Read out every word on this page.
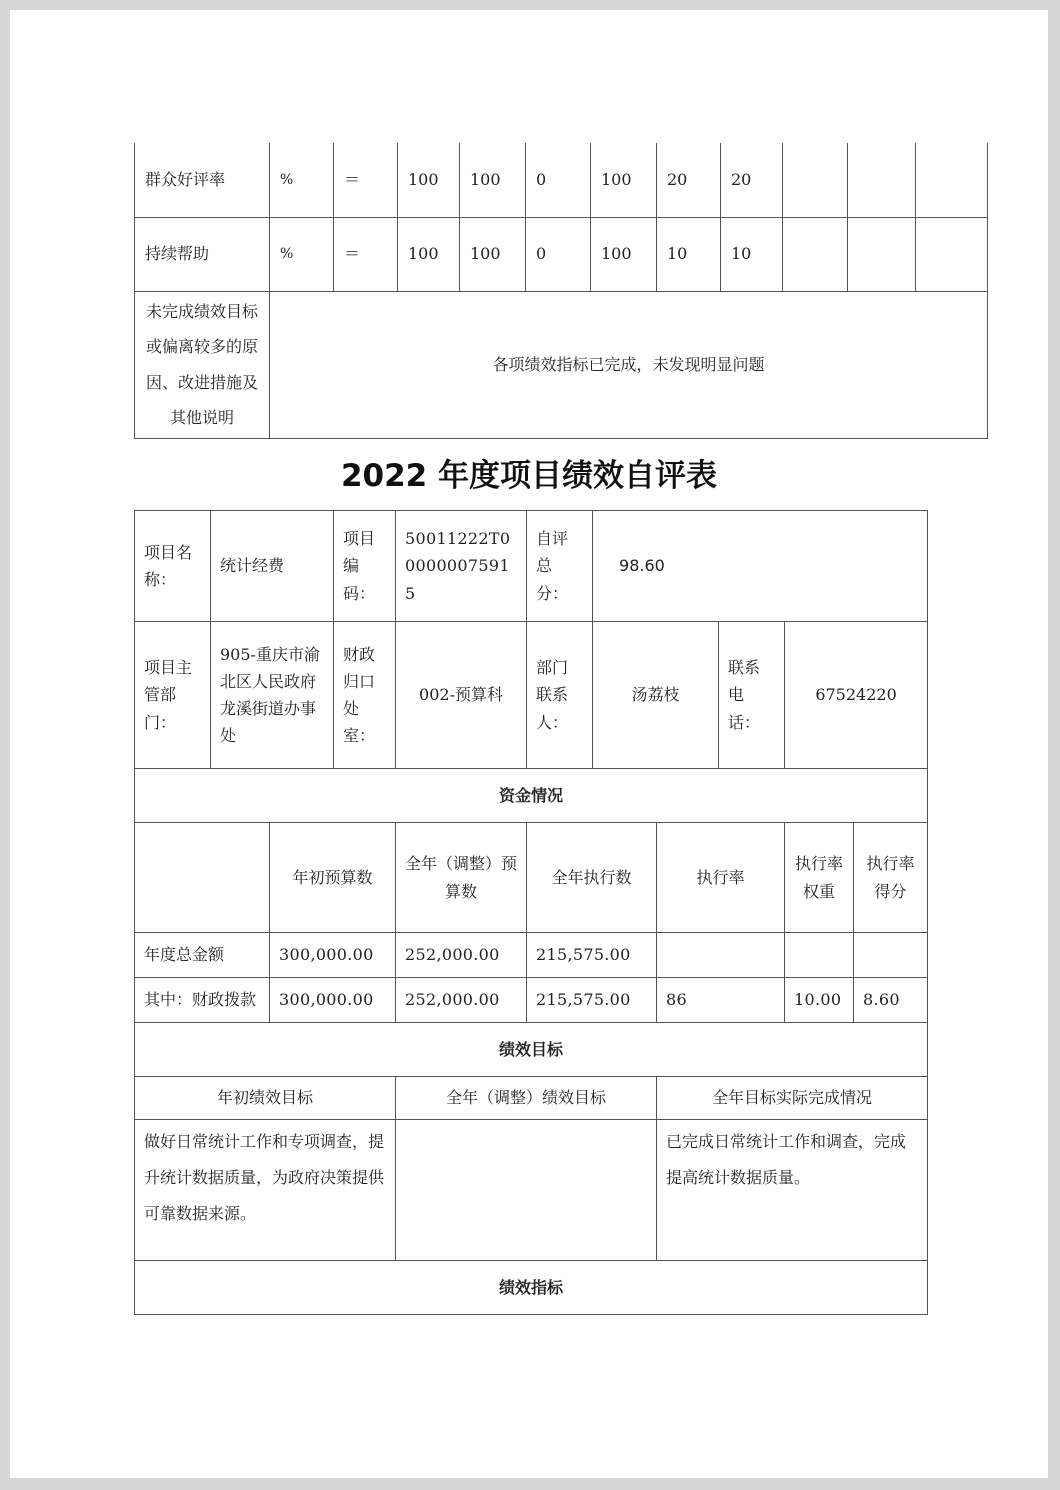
群众好评率	%	＝	100	100	0	100	20	20			
持续帮助	%	＝	100	100	0	100	10	10			
未完成绩效目标或偏离较多的原因、改进措施及其他说明	各项绩效指标已完成，未发现明显问题										
2022 年度项目绩效自评表
项目名称：	统计经费		项目编码：	50011222T000000075915	自评总分：	98.60				
项目主管部门：	905-重庆市渝北区人民政府龙溪街道办事处		财政归口处室：	002-预算科	部门联系人：	汤荔枝		联系电话：	67524220	
资金情况										
		年初预算数		全年（调整）预算数	全年执行数		执行率		执行率权重	执行率得分
年度总金额		300,000.00		252,000.00	215,575.00					
其中：财政拨款		300,000.00		252,000.00	215,575.00		86		10.00	8.60
绩效目标										
年初绩效目标				全年（调整）绩效目标			全年目标实际完成情况			
做好日常统计工作和专项调查，提升统计数据质量，为政府决策提供可靠数据来源。							已完成日常统计工作和调查，完成提高统计数据质量。			
绩效指标										
